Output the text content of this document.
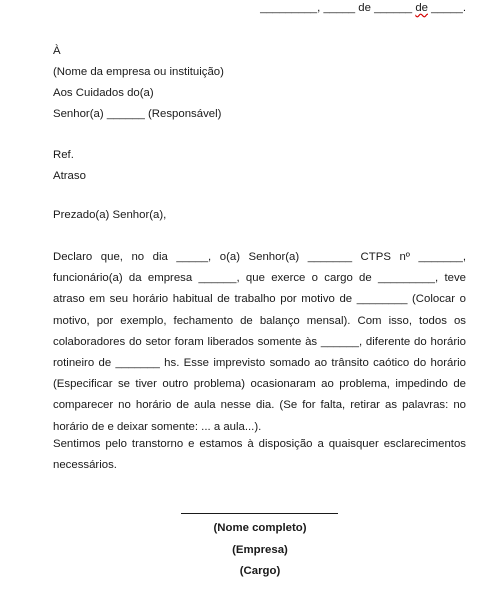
_________, _____ de ______ de _____.
À
(Nome da empresa ou instituição)
Aos Cuidados do(a)
Senhor(a) ______ (Responsável)
Ref.
Atraso
Prezado(a) Senhor(a),
Declaro que, no dia _____, o(a) Senhor(a) _______ CTPS nº _______, funcionário(a) da empresa ______, que exerce o cargo de _________, teve atraso em seu horário habitual de trabalho por motivo de ________ (Colocar o motivo, por exemplo, fechamento de balanço mensal). Com isso, todos os colaboradores do setor foram liberados somente às ______, diferente do horário rotineiro de _______ hs. Esse imprevisto somado ao trânsito caótico do horário (Especificar se tiver outro problema) ocasionaram ao problema, impedindo de comparecer no horário de aula nesse dia. (Se for falta, retirar as palavras: no horário de e deixar somente: ... a aula...).
Sentimos pelo transtorno e estamos à disposição a quaisquer esclarecimentos necessários.
(Nome completo)
(Empresa)
(Cargo)
